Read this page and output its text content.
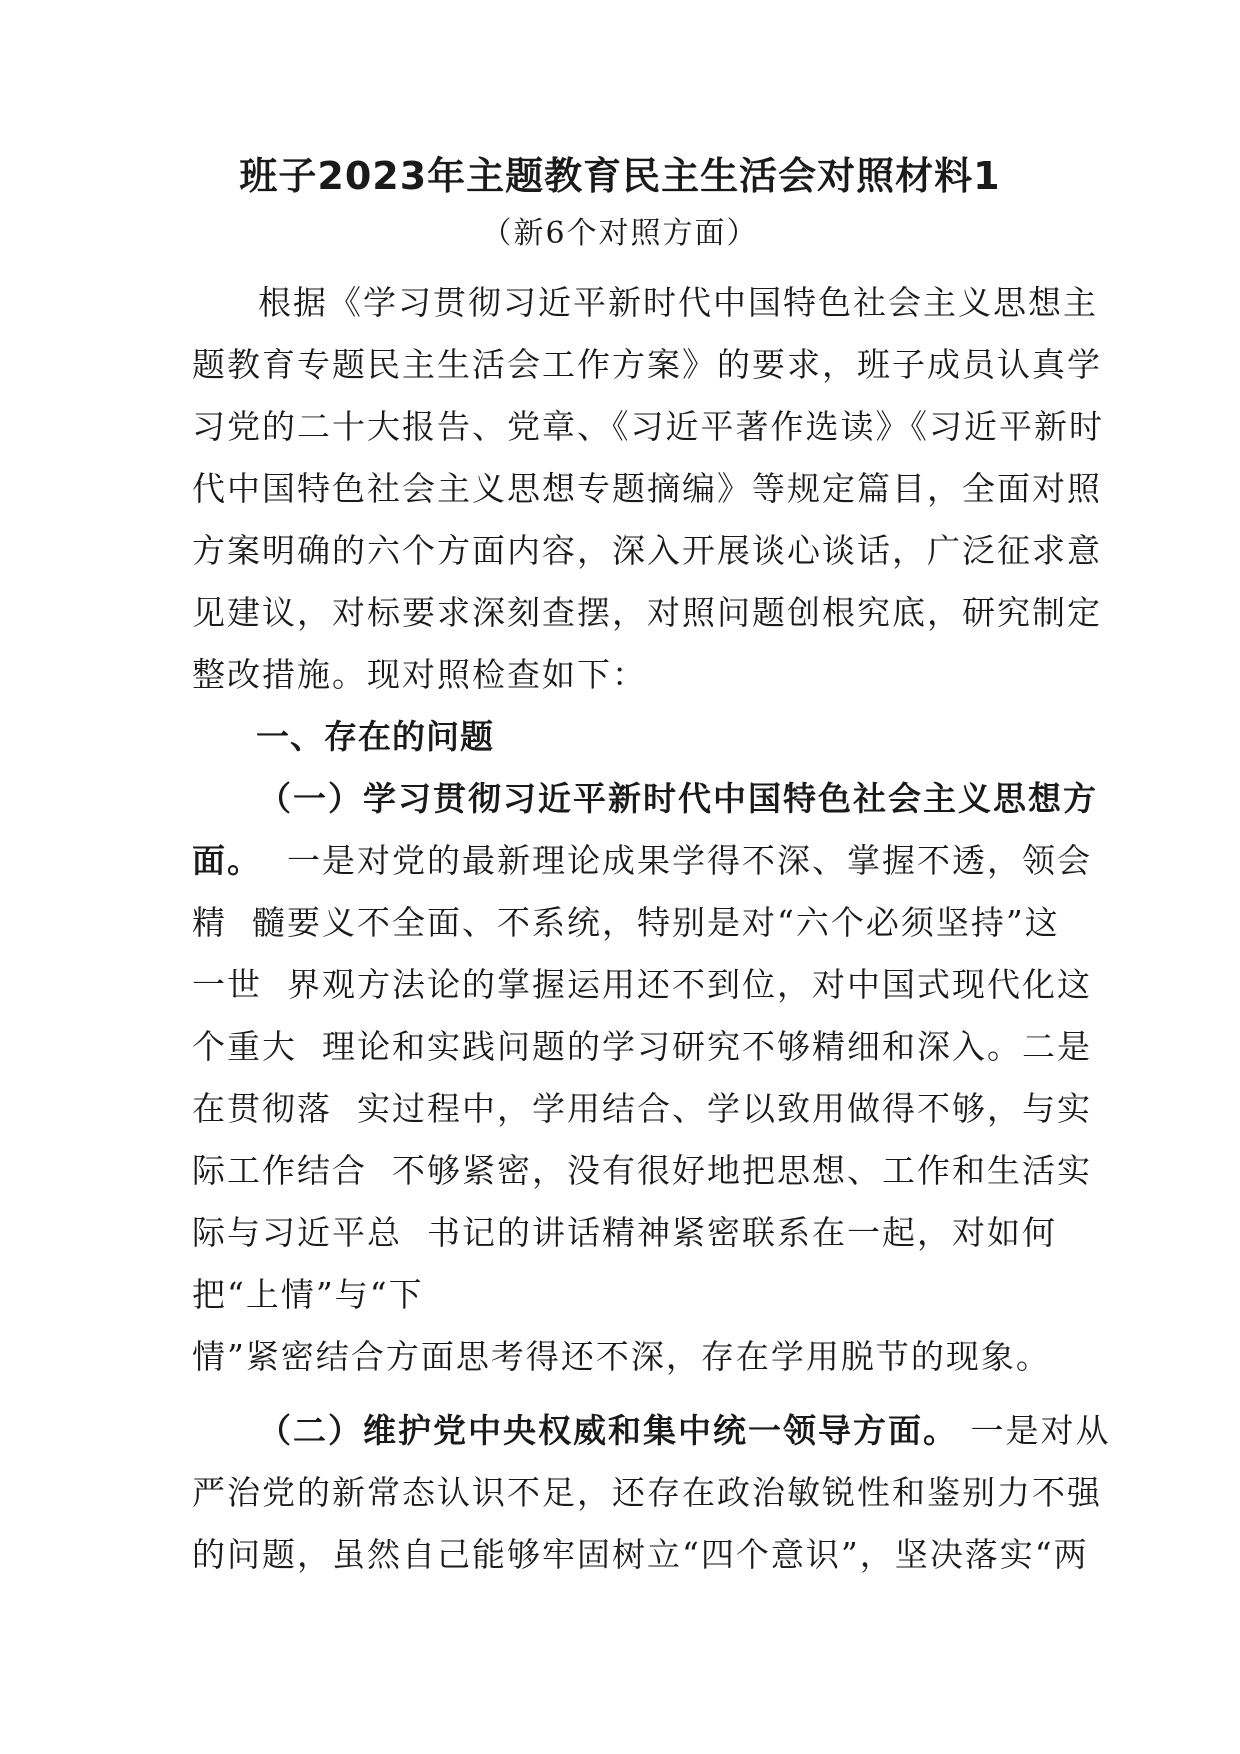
班子2023年主题教育民主生活会对照材料1

（新6个对照方面）

根据《学习贯彻习近平新时代中国特色社会主义思想主
题教育专题民主生活会工作方案》的要求，班子成员认真学
习党的二十大报告、党章、《习近平著作选读》《习近平新时
代中国特色社会主义思想专题摘编》等规定篇目，全面对照
方案明确的六个方面内容，深入开展谈心谈话，广泛征求意
见建议，对标要求深刻查摆，对照问题创根究底，研究制定
整改措施。现对照检查如下：
一、存在的问题
（一）学习贯彻习近平新时代中国特色社会主义思想方
面。  一是对党的最新理论成果学得不深、掌握不透，领会
精  髓要义不全面、不系统，特别是对“六个必须坚持”这
一世  界观方法论的掌握运用还不到位，对中国式现代化这
个重大  理论和实践问题的学习研究不够精细和深入。二是
在贯彻落  实过程中，学用结合、学以致用做得不够，与实
际工作结合  不够紧密，没有很好地把思想、工作和生活实
际与习近平总  书记的讲话精神紧密联系在一起，对如何
把“上情”与“下
情”紧密结合方面思考得还不深，存在学用脱节的现象。
（二）维护党中央权威和集中统一领导方面。 一是对从
严治党的新常态认识不足，还存在政治敏锐性和鉴别力不强
的问题，虽然自己能够牢固树立“四个意识”，坚决落实“两
